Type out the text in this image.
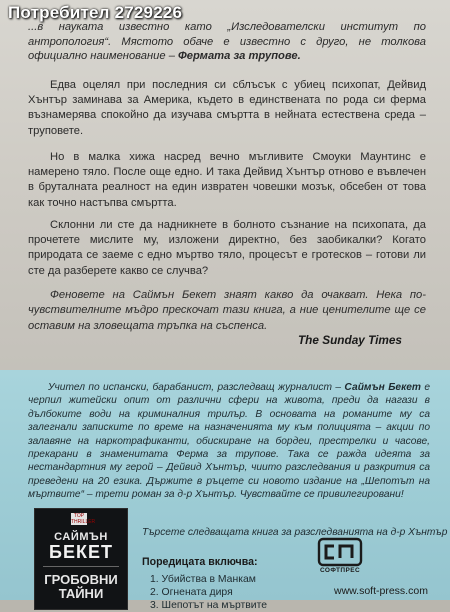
...в науката известно като „Изследователски институт по антропология“. Мястото обаче е известно с друго, не толкова официално наименование – Фермата за трупове.

Едва оцелял при последния си сблъсък с убиец психопат, Дейвид Хънтър заминава за Америка, където в единствената по рода си ферма възнамерява спокойно да изучава смъртта в нейната естествена среда – труповете.

Но в малка хижа насред вечно мъгливите Смоуки Маунтинс е намерено тяло. После още едно. И така Дейвид Хънтър отново е въвлечен в бруталната реалност на един извратен човешки мозък, обсебен от това как точно настъпва смъртта.

Склонни ли сте да надникнете в болното съзнание на психопата, да прочетете мислите му, изложени директно, без заобикалки? Когато природата се заеме с едно мъртво тяло, процесът е гротесков – готови ли сте да разберете какво се случва?

Феновете на Саймън Бекет знаят какво да очакват. Нека по-чувствителните мъдро прескочат тази книга, а ние ценителите ще се оставим на зловещата тръпка на съспенса.

The Sunday Times

Учител по испански, барабанист, разследващ журналист – Саймън Бекет е черпил житейски опит от различни сфери на живота, преди да нагази в дълбоките води на криминалния трилър. В основата на романите му са залегнали записките по време на назначенията му към полицията – акции по залавяне на наркотрафиканти, обискиране на бордеи, престрелки и часове, прекарани в знаменитата Ферма за трупове. Така се ражда идеята за нестандартния му герой – Дейвид Хънтър, чиито разследвания и разкрития са преведени на 20 езика. Държите в ръцете си новото издание на „Шепотът на мъртвите“ – трети роман за д-р Хънтър. Чувствайте се привилегировани!

TOP THRILLER
САЙМЪН
БЕКЕТ
ГРОБОВНИ ТАЙНИ

Търсете следващата книга за разследванията на д-р Хънтър

Поредицата включва:
1. Убийства в Манкам
2. Огнената диря
3. Шепотът на мъртвите
СОФТПРЕС
www.soft-press.com
Потребител 2729226
